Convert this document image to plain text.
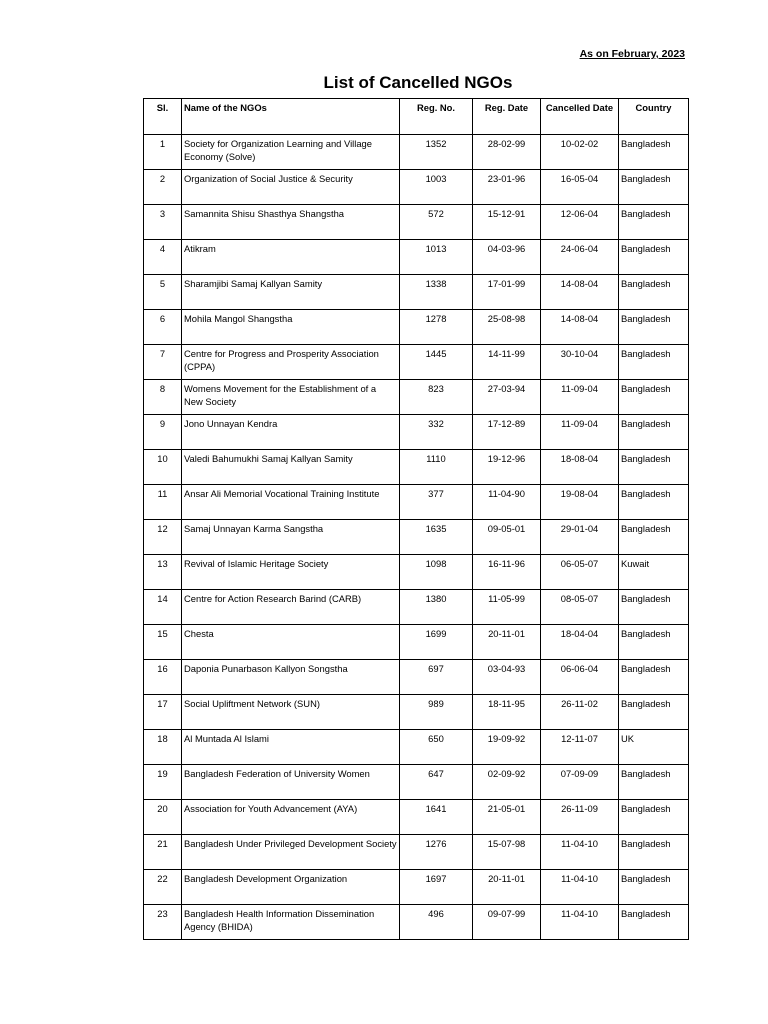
As on February, 2023
List of Cancelled NGOs
Sl.	Name of the NGOs	Reg. No.	Reg. Date	Cancelled Date	Country
1	Society for Organization Learning and Village Economy (Solve)	1352	28-02-99	10-02-02	Bangladesh
2	Organization of Social Justice & Security	1003	23-01-96	16-05-04	Bangladesh
3	Samannita Shisu Shasthya Shangstha	572	15-12-91	12-06-04	Bangladesh
4	Atikram	1013	04-03-96	24-06-04	Bangladesh
5	Sharamjibi Samaj Kallyan Samity	1338	17-01-99	14-08-04	Bangladesh
6	Mohila Mangol Shangstha	1278	25-08-98	14-08-04	Bangladesh
7	Centre for Progress and Prosperity Association (CPPA)	1445	14-11-99	30-10-04	Bangladesh
8	Womens Movement for the Establishment of a New Society	823	27-03-94	11-09-04	Bangladesh
9	Jono Unnayan Kendra	332	17-12-89	11-09-04	Bangladesh
10	Valedi Bahumukhi Samaj Kallyan Samity	1110	19-12-96	18-08-04	Bangladesh
11	Ansar Ali Memorial Vocational Training Institute	377	11-04-90	19-08-04	Bangladesh
12	Samaj Unnayan Karma Sangstha	1635	09-05-01	29-01-04	Bangladesh
13	Revival of Islamic Heritage Society	1098	16-11-96	06-05-07	Kuwait
14	Centre for Action Research Barind (CARB)	1380	11-05-99	08-05-07	Bangladesh
15	Chesta	1699	20-11-01	18-04-04	Bangladesh
16	Daponia Punarbason Kallyon Songstha	697	03-04-93	06-06-04	Bangladesh
17	Social Upliftment Network (SUN)	989	18-11-95	26-11-02	Bangladesh
18	Al Muntada Al Islami	650	19-09-92	12-11-07	UK
19	Bangladesh Federation of University Women	647	02-09-92	07-09-09	Bangladesh
20	Association for Youth Advancement (AYA)	1641	21-05-01	26-11-09	Bangladesh
21	Bangladesh Under Privileged Development Society	1276	15-07-98	11-04-10	Bangladesh
22	Bangladesh Development Organization	1697	20-11-01	11-04-10	Bangladesh
23	Bangladesh Health Information Dissemination Agency (BHIDA)	496	09-07-99	11-04-10	Bangladesh
